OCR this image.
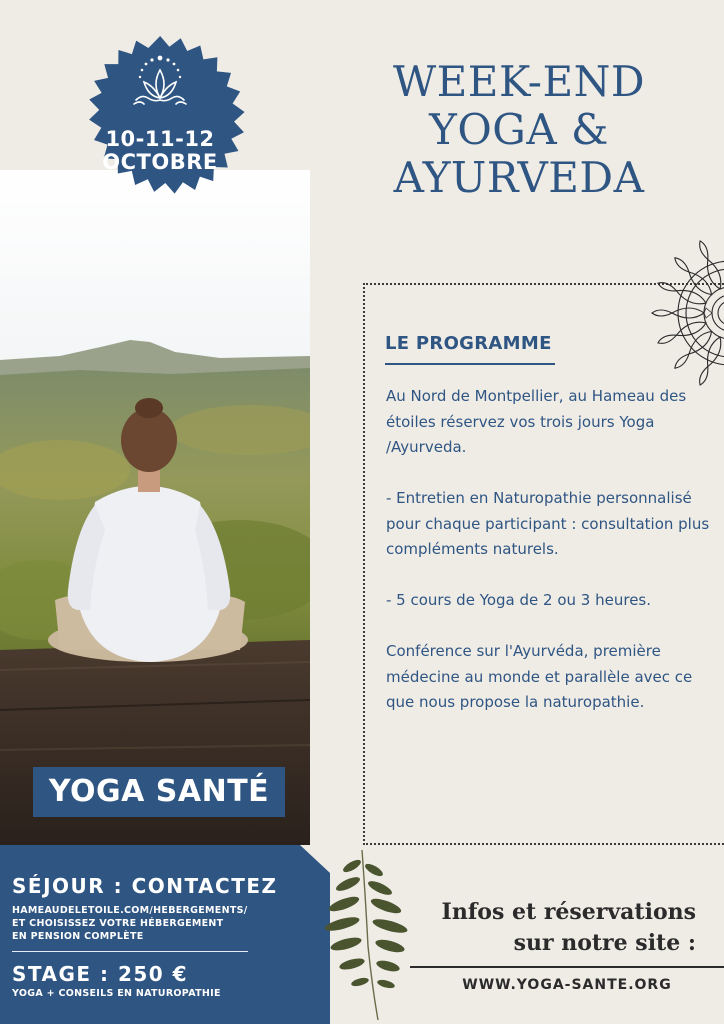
10-11-12
OCTOBRE
WEEK-END
YOGA &
AYURVEDA
LE PROGRAMME

Au Nord de Montpellier, au Hameau des étoiles réservez vos trois jours Yoga /Ayurveda.

- Entretien en Naturopathie personnalisé pour chaque participant : consultation plus compléments naturels.

- 5 cours de Yoga de 2 ou 3 heures.

Conférence sur l'Ayurvéda, première médecine au monde et parallèle avec ce que nous propose la naturopathie.

YOGA SANTÉ
SÉJOUR : CONTACTEZ
HAMEAUDELETOILE.COM/HEBERGEMENTS/
ET CHOISISSEZ VOTRE HÉBERGEMENT
EN PENSION COMPLÈTE
STAGE : 250 €
YOGA + CONSEILS EN NATUROPATHIE
Infos et réservations
sur notre site :
WWW.YOGA-SANTE.ORG
